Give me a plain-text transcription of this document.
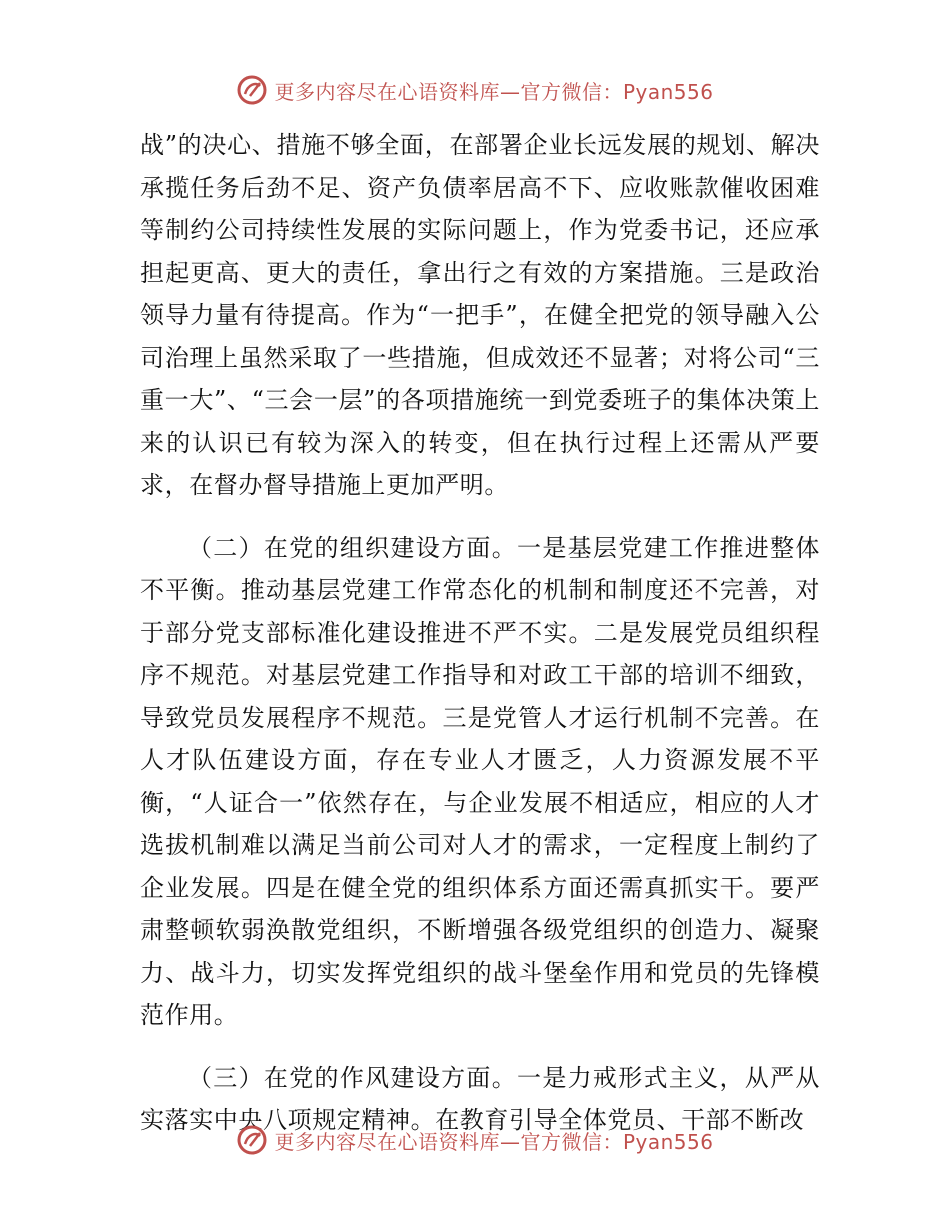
更多内容尽在心语资料库—官方微信：Pyan556

战”的决心、措施不够全面，在部署企业长远发展的规划、解决承揽任务后劲不足、资产负债率居高不下、应收账款催收困难等制约公司持续性发展的实际问题上，作为党委书记，还应承担起更高、更大的责任，拿出行之有效的方案措施。三是政治领导力量有待提高。作为“一把手”，在健全把党的领导融入公司治理上虽然采取了一些措施，但成效还不显著；对将公司“三重一大”、“三会一层”的各项措施统一到党委班子的集体决策上来的认识已有较为深入的转变，但在执行过程上还需从严要求，在督办督导措施上更加严明。

（二）在党的组织建设方面。一是基层党建工作推进整体不平衡。推动基层党建工作常态化的机制和制度还不完善，对于部分党支部标准化建设推进不严不实。二是发展党员组织程序不规范。对基层党建工作指导和对政工干部的培训不细致，导致党员发展程序不规范。三是党管人才运行机制不完善。在人才队伍建设方面，存在专业人才匮乏，人力资源发展不平衡，“人证合一”依然存在，与企业发展不相适应，相应的人才选拔机制难以满足当前公司对人才的需求，一定程度上制约了企业发展。四是在健全党的组织体系方面还需真抓实干。要严肃整顿软弱涣散党组织，不断增强各级党组织的创造力、凝聚力、战斗力，切实发挥党组织的战斗堡垒作用和党员的先锋模范作用。

（三）在党的作风建设方面。一是力戒形式主义，从严从实落实中央八项规定精神。在教育引导全体党员、干部不断改

更多内容尽在心语资料库—官方微信：Pyan556
